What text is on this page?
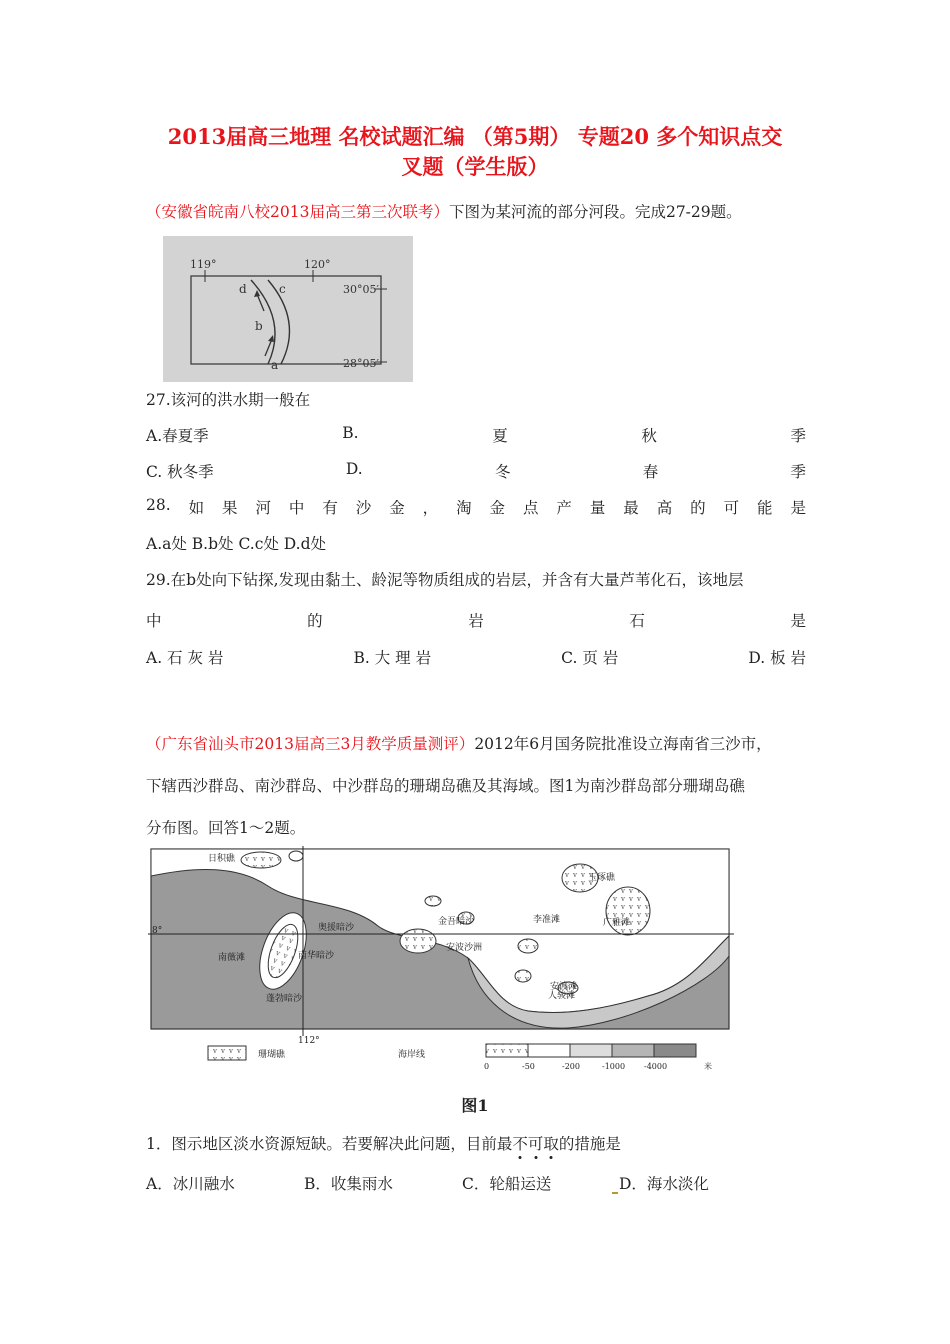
2013届高三地理 名校试题汇编 （第5期） 专题20 多个知识点交
叉题（学生版）
（安徽省皖南八校2013届高三第三次联考）下图为某河流的部分河段。完成27-29题。
119°	120°
30°05′
28°05′
d	c
b
a
27.该河的洪水期一般在
A.春夏季	B.	夏	秋	季
C. 秋冬季	D.	冬	春	季
28. 如 果 河 中 有 沙 金 ， 淘 金 点 产 量 最 高 的 可 能 是
A.a处 B.b处 C.c处 D.d处
29.在b处向下钻探,发现由黏土、龄泥等物质组成的岩层，并含有大量芦苇化石，该地层
中	的	岩	石	是
A. 石 灰 岩	B. 大 理 岩	C. 页 岩	D. 板 岩
（广东省汕头市2013届高三3月教学质量测评）2012年6月国务院批准设立海南省三沙市，
下辖西沙群岛、南沙群岛、中沙群岛的珊瑚岛礁及其海域。图1为南沙群岛部分珊瑚岛礁
分布图。回答1～2题。
8°
112°
日积礁
玉琢礁
安波沙洲
南薇滩
奥援暗沙	广雅滩
人骏滩
李准滩
安渡滩
蓬勃暗沙
南华暗沙
金吾暗沙
珊瑚礁	海岸线
0	-50	-200	-1000 -4000	米
图1
1．图示地区淡水资源短缺。若要解决此问题，目前最不
可
取
的措施是
A．冰川融水	B．收集雨水	C．轮船运送	D．海水淡化
